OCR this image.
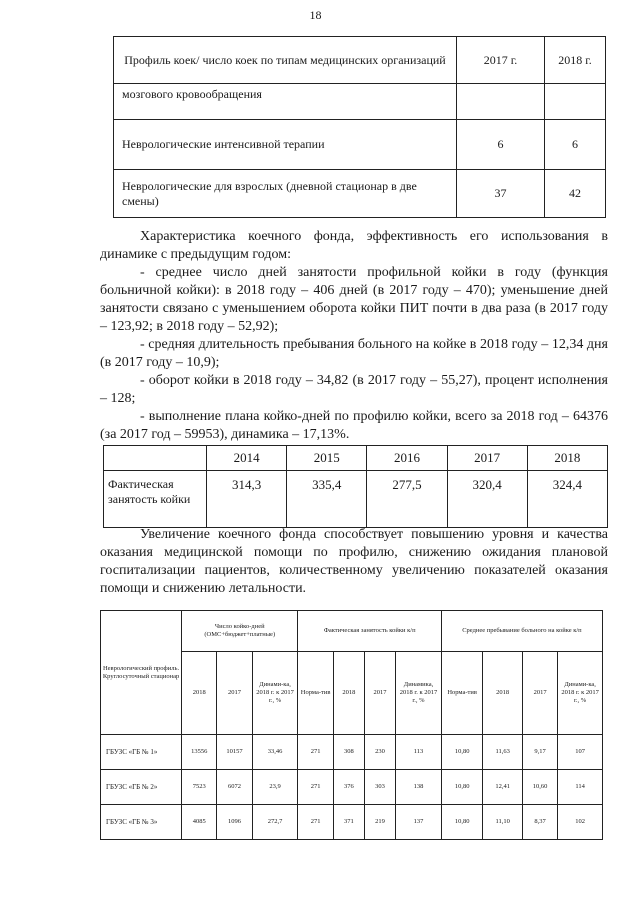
18
Профиль коек/ число коек по типам медицинских организаций	2017 г.	2018 г.
мозгового кровообращения		
Неврологические интенсивной терапии	6	6
Неврологические для взрослых (дневной стационар в две смены)	37	42

Характеристика коечного фонда, эффективность его использования в динамике с предыдущим годом:

- среднее число дней занятости профильной койки в году (функция больничной койки): в 2018 году – 406 дней (в 2017 году – 470); уменьшение дней занятости связано с уменьшением оборота койки ПИТ почти в два раза (в 2017 году – 123,92; в 2018 году – 52,92);

- средняя длительность пребывания больного на койке в 2018 году – 12,34 дня (в 2017 году – 10,9);

- оборот койки в 2018 году – 34,82 (в 2017 году – 55,27), процент исполнения – 128;

- выполнение плана койко-дней по профилю койки, всего за 2018 год – 64376 (за 2017 год – 59953), динамика – 17,13%.

	2014	2015	2016	2017	2018
Фактическая занятость койки	314,3	335,4	277,5	320,4	324,4
Увеличение коечного фонда способствует повышению уровня и качества оказания медицинской помощи по профилю, снижению ожидания плановой госпитализации пациентов, количественному увеличению показателей оказания помощи и снижению летальности.
Неврологический профиль. Круглосуточный стационар	Число койко-дней (ОМС+бюджет+платные)			Фактическая занятость койки к/п				Среднее пребывание больного на койке к/п			
	2018	2017	Динами-ка, 2018 г. к 2017 г., %	Норма-тив	2018	2017	Динамика, 2018 г. к 2017 г., %	Норма-тив	2018	2017	Динами-ка, 2018 г. к 2017 г., %
ГБУЗС «ГБ № 1»	13556	10157	33,46	271	308	230	113	10,80	11,63	9,17	107
ГБУЗС «ГБ № 2»	7523	6072	23,9	271	376	303	138	10,80	12,41	10,60	114
ГБУЗС «ГБ № 3»	4085	1096	272,7	271	371	219	137	10,80	11,10	8,37	102
